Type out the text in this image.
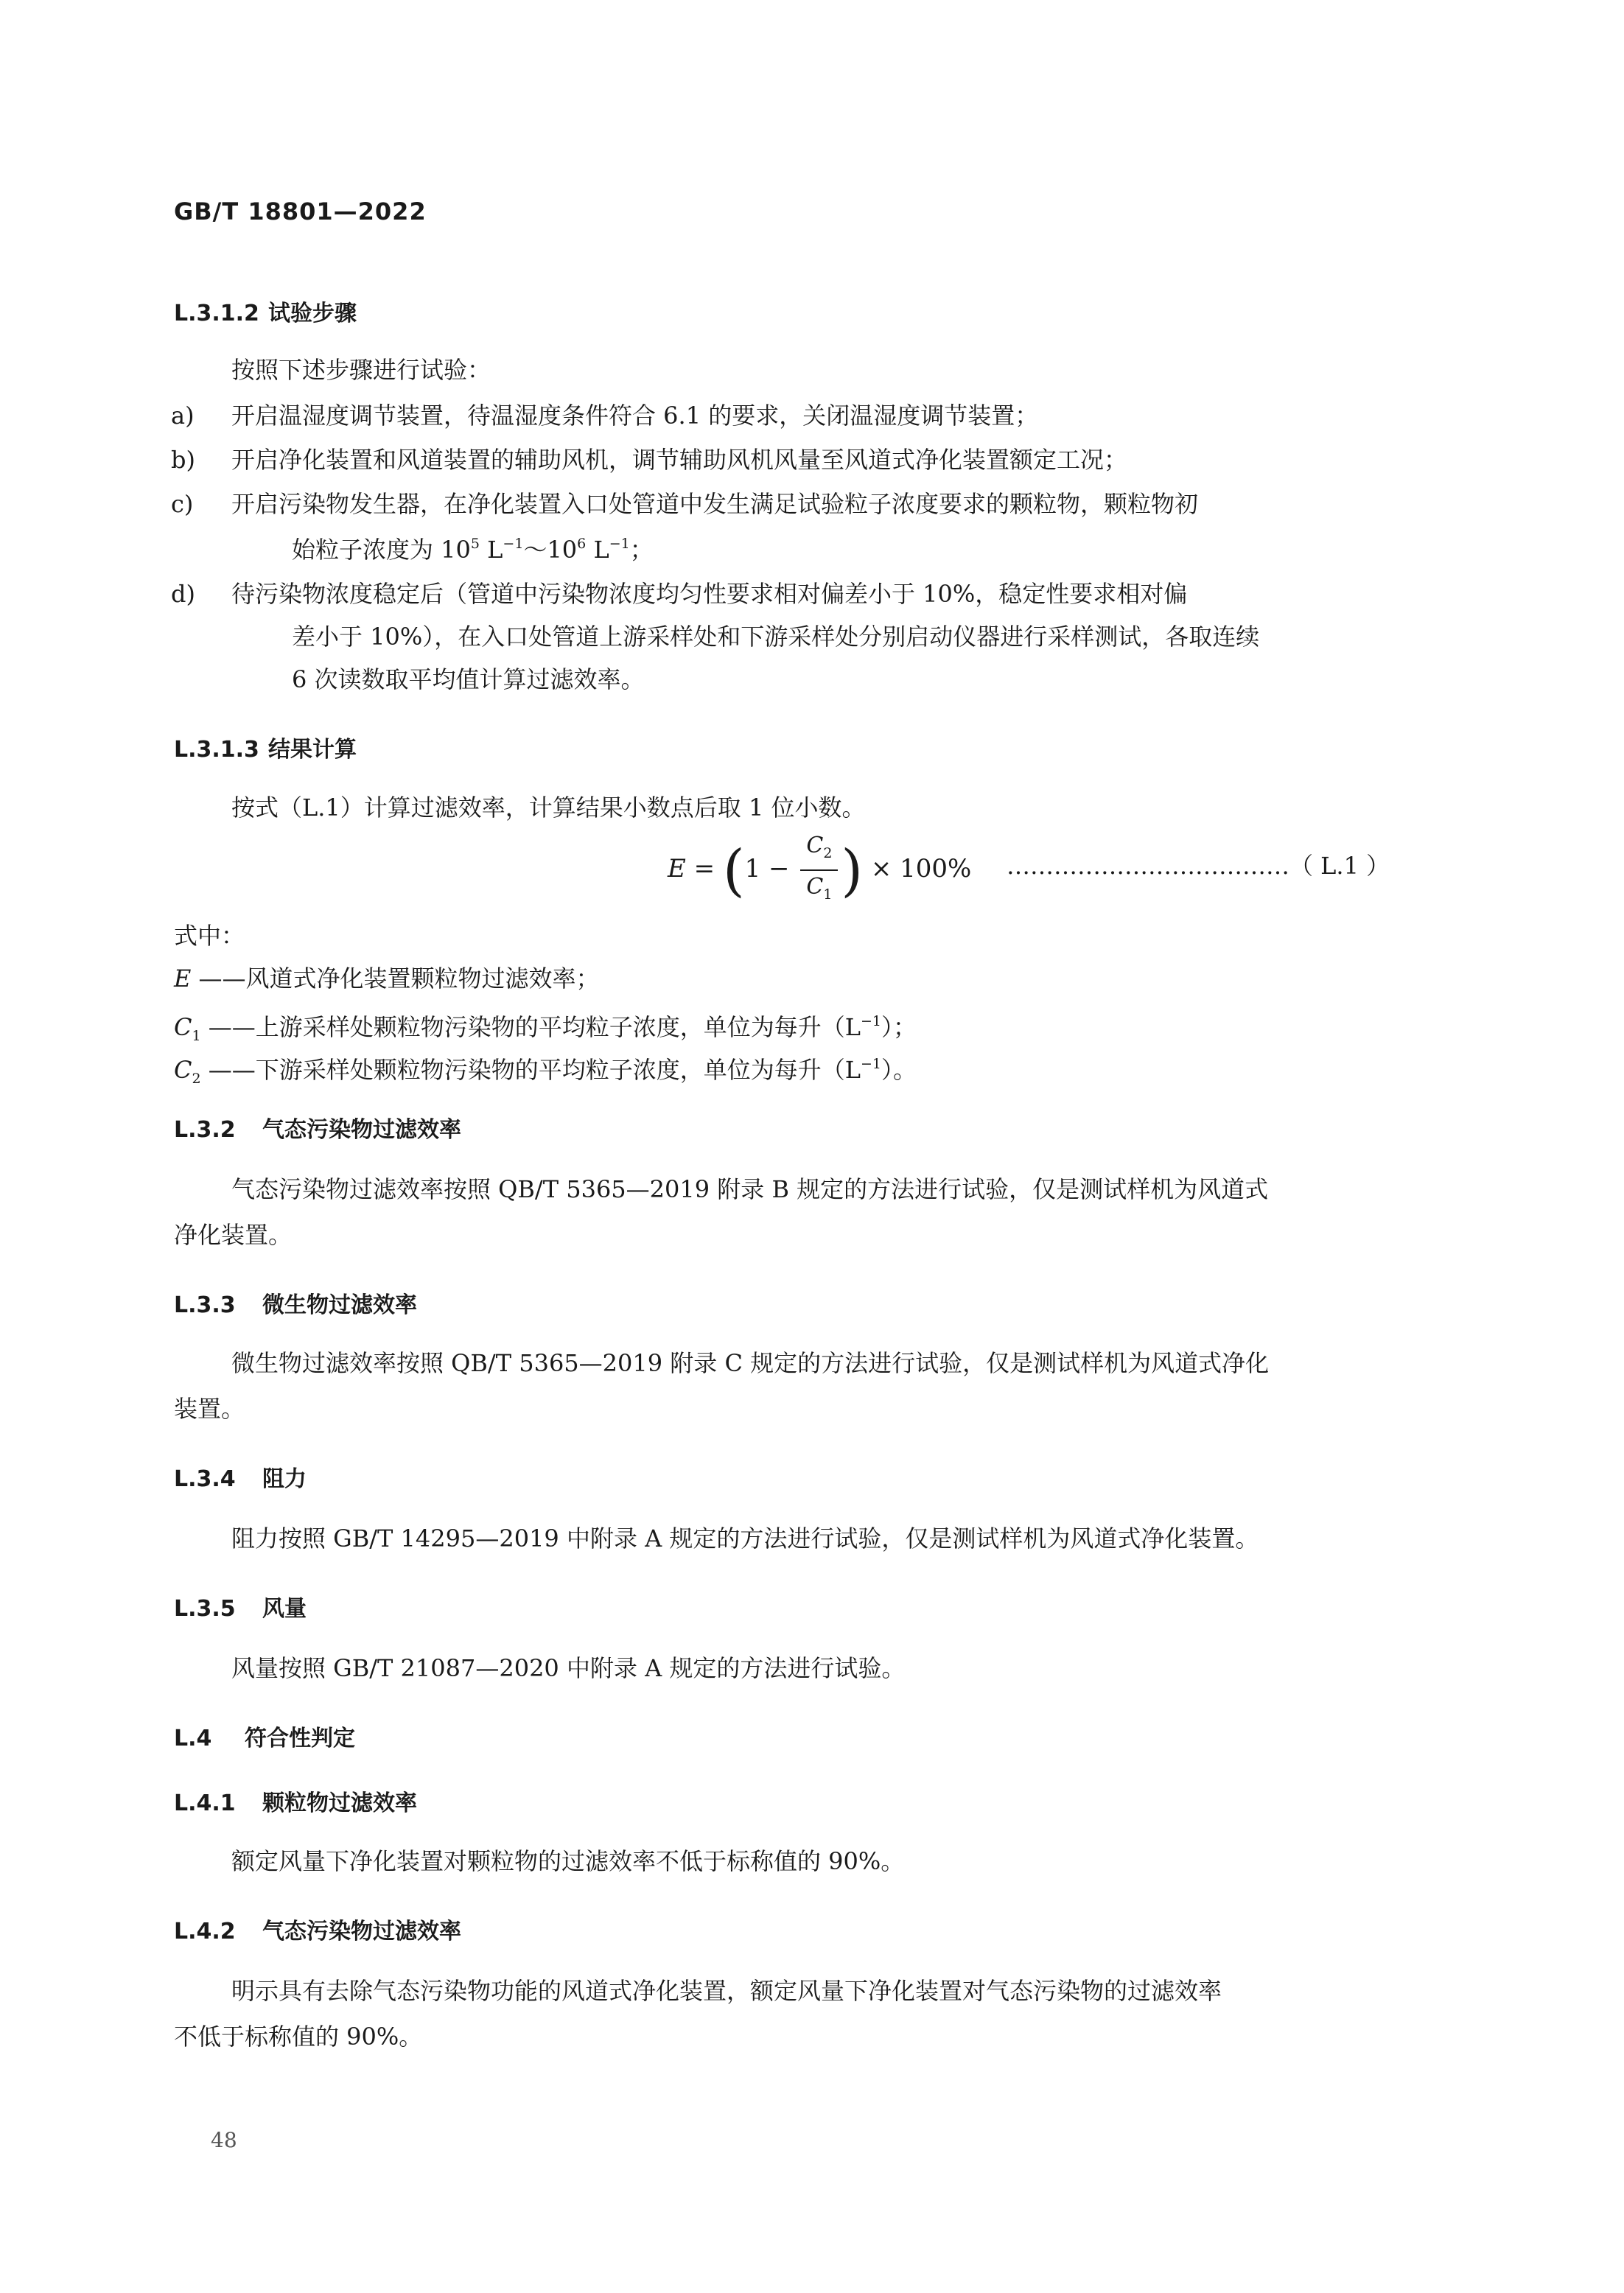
GB/T 18801—2022
L.3.1.2 试验步骤
按照下述步骤进行试验：
a) 开启温湿度调节装置，待温湿度条件符合 6.1 的要求，关闭温湿度调节装置；
b) 开启净化装置和风道装置的辅助风机，调节辅助风机风量至风道式净化装置额定工况；
c) 开启污染物发生器，在净化装置入口处管道中发生满足试验粒子浓度要求的颗粒物，颗粒物初
始粒子浓度为 $10^5$ $L^{-1}\sim 10^6$ $L^{-1}$；
d) 待污染物浓度稳定后（管道中污染物浓度均匀性要求相对偏差小于 10%，稳定性要求相对偏
差小于 10%），在入口处管道上游采样处和下游采样处分别启动仪器进行采样测试，各取连续
6 次读数取平均值计算过滤效率。
L.3.1.3 结果计算
按式（L.1）计算过滤效率，计算结果小数点后取 1 位小数。
$E = (1 - \frac{C_2}{C_1}$ ) × 100% ………………………………（ L.1 ）
式中：
E ——风道式净化装置颗粒物过滤效率；
$C_1$ ——上游采样处颗粒物污染物的平均粒子浓度，单位为每升$(L^{-1})$；
$C_2$ ——下游采样处颗粒物污染物的平均粒子浓度，单位为每升$(L^{-1})$。
L.3.2 气态污染物过滤效率
气态污染物过滤效率按照 QB/T 5365—2019 附录 B 规定的方法进行试验，仅是测试样机为风道式
净化装置。
L.3.3 微生物过滤效率
微生物过滤效率按照 QB/T 5365—2019 附录 C 规定的方法进行试验，仅是测试样机为风道式净化
装置。
L.3.4 阻力
阻力按照 GB/T 14295—2019 中附录 A 规定的方法进行试验，仅是测试样机为风道式净化装置。
L.3.5 风量
风量按照 GB/T 21087—2020 中附录 A 规定的方法进行试验。
L.4 符合性判定
L.4.1 颗粒物过滤效率
额定风量下净化装置对颗粒物的过滤效率不低于标称值的 90%。
L.4.2 气态污染物过滤效率
明示具有去除气态污染物功能的风道式净化装置，额定风量下净化装置对气态污染物的过滤效率
不低于标称值的 90%。
48
